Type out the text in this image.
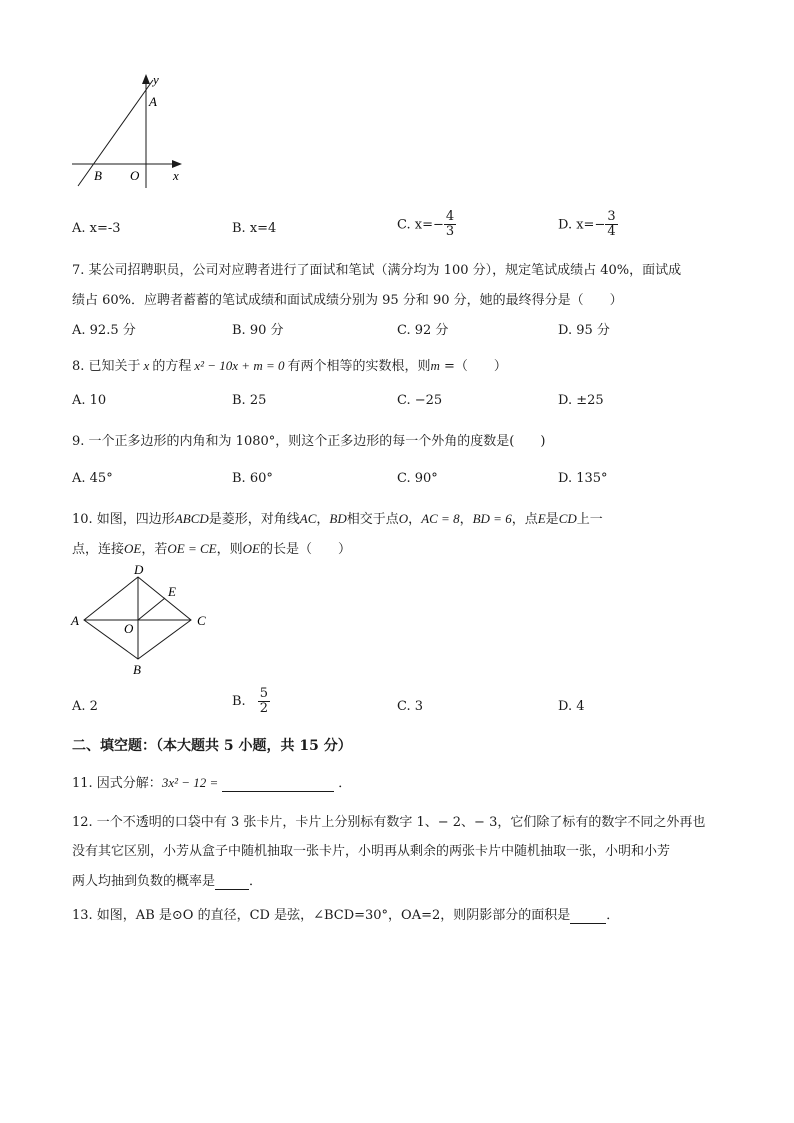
y
A
B O	x
A. x=-3	B. x=4	C. $x=- \frac{4}{3}$	D. $x=- \frac{3}{4}$
7. 某公司招聘职员，公司对应聘者进行了面试和笔试（满分均为 100 分），规定笔试成绩占 40%，面试成
绩占 60%．应聘者蓄蓄的笔试成绩和面试成绩分别为 95 分和 90 分，她的最终得分是（　　）
A. 92.5 分	B. 90 分	C. 92 分	D. 95 分
8. 已知关于 x 的方程 x² − 10x + m = 0 有两个相等的实数根，则m =（　　）
A. 10	B. 25	C. −25	D. ±25
9. 一个正多边形的内角和为 1080°，则这个正多边形的每一个外角的度数是(　　)
A. 45°	B. 60°	C. 90°	D. 135°
10. 如图，四边形ABCD是菱形，对角线AC，BD相交于点O，AC = 8，BD = 6，点E是CD上一
点，连接OE，若OE = CE，则OE的长是（　　）
D
E
A
O
C
B
A. 2	B. $\frac{5}{2}$	C. 3	D. 4
二、填空题：（本大题共 5 小题，共 15 分）
11. 因式分解：3x² − 12 =	．
12. 一个不透明的口袋中有 3 张卡片，卡片上分别标有数字 1、− 2、− 3，它们除了标有的数字不同之外再也
没有其它区别，小芳从盒子中随机抽取一张卡片，小明再从剩余的两张卡片中随机抽取一张，小明和小芳
两人均抽到负数的概率是	．
13. 如图，AB 是⊙O 的直径，CD 是弦，∠BCD=30°，OA=2，则阴影部分的面积是	．
